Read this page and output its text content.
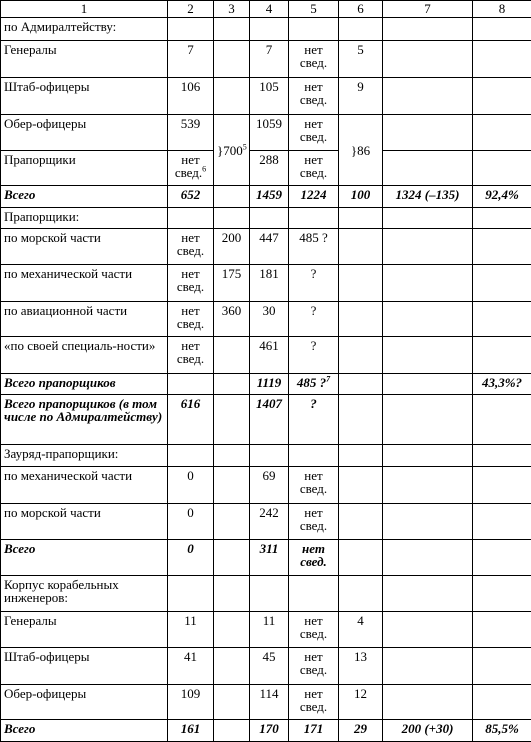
1	2	3	4	5	6	7	8
по Адмиралтейству:							
Генералы	7		7	нет свед.	5		
Штаб-офицеры	106		105	нет свед.	9		
Обер-офицеры	539	}$700^5$	1059	нет свед.	}86		
Прапорщики	нет свед.$^6$		288	нет свед.			
Всего	652		1459	1224	100	1324 (–135)	92,4%
Прапорщики:							
по морской части	нет свед.	200	447	485 ?			
по механической части	нет свед.	175	181	?			
по авиационной части	нет свед.	360	30	?			
«по своей специаль-ности»	нет свед.		461	?			
Всего прапорщиков			1119	485 ?$^7$			43,3%?
Всего прапорщиков (в том числе по Адмиралтейству)	616		1407	?			
Зауряд-прапорщики:							
по механической части	0		69	нет свед.			
по морской части	0		242	нет свед.			
Всего	0		311	нет свед.			
Корпус корабельных инженеров:							
Генералы	11		11	нет свед.	4		
Штаб-офицеры	41		45	нет свед.	13		
Обер-офицеры	109		114	нет свед.	12		
Всего	161		170	171	29	200 (+30)	85,5%
